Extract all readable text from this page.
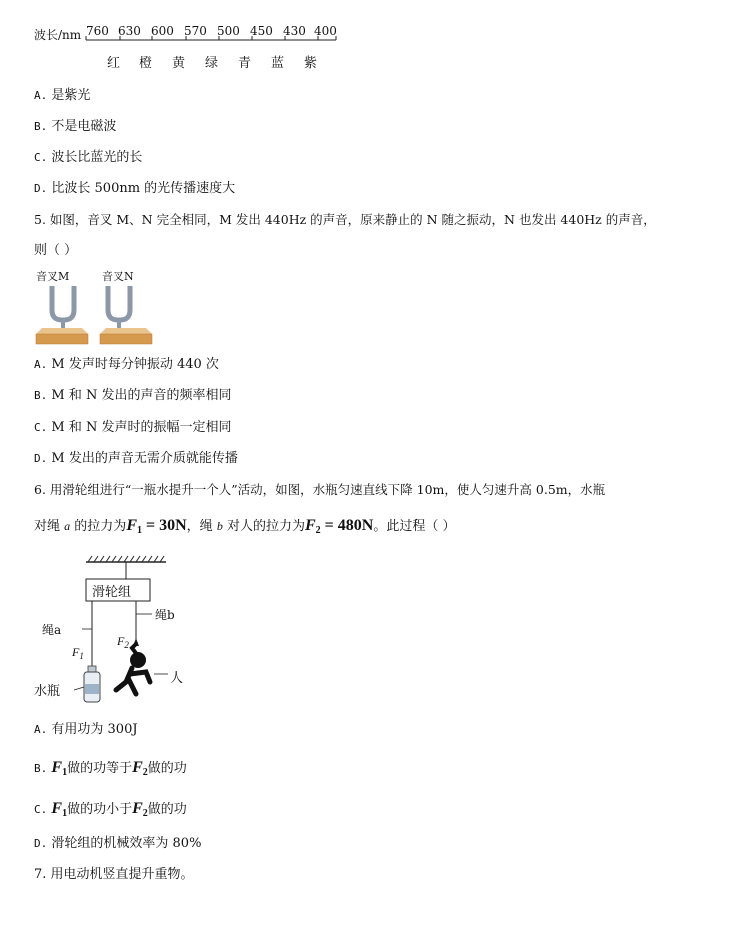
波长/nm 760 630 600 570 500 450 430 400
红 橙 黄 绿 青 蓝 紫
A. 是紫光
B. 不是电磁波
C. 波长比蓝光的长
D. 比波长 500nm 的光传播速度大
5. 如图，音叉 M、N 完全相同，M 发出 440Hz 的声音，原来静止的 N 随之振动，N 也发出 440Hz 的声音，
则（ ）
音叉M	音叉N
A. M 发声时每分钟振动 440 次
B. M 和 N 发出的声音的频率相同
C. M 和 N 发声时的振幅一定相同
D. M 发出的声音无需介质就能传播
6. 用滑轮组进行“一瓶水提升一个人”活动，如图，水瓶匀速直线下降 10m，使人匀速升高 0.5m，水瓶
对绳 a 的拉力为$F_1 = 30N$，绳 b 对人的拉力为$F_2 = 480N$。此过程（ ）
滑轮组
绳a
绳b
$F_1$
$F_2$
水瓶
人
A. 有用功为 300J
B. $F_1$做的功等于$F_2$做的功
C. $F_1$做的功小于$F_2$做的功
D. 滑轮组的机械效率为 80%
7. 用电动机竖直提升重物。
